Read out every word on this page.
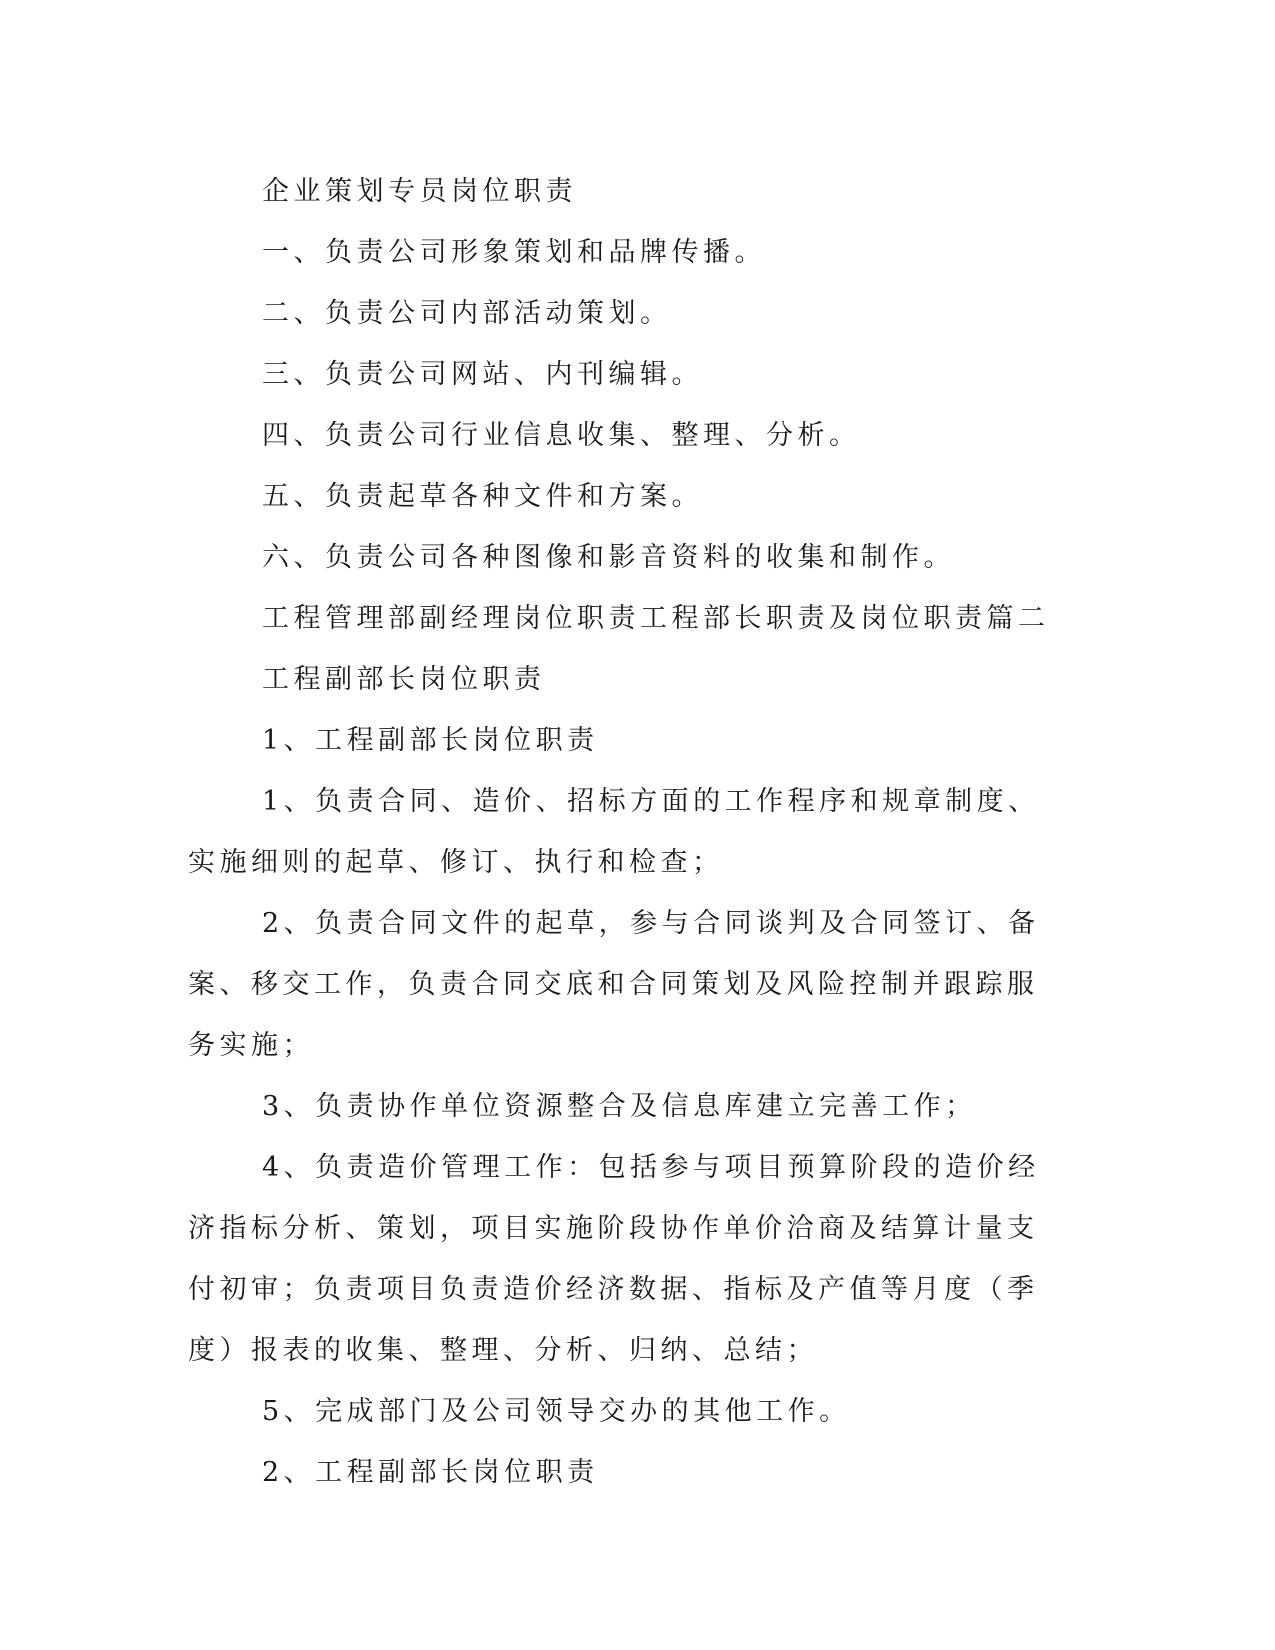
企业策划专员岗位职责

一、负责公司形象策划和品牌传播。

二、负责公司内部活动策划。

三、负责公司网站、内刊编辑。

四、负责公司行业信息收集、整理、分析。

五、负责起草各种文件和方案。

六、负责公司各种图像和影音资料的收集和制作。

工程管理部副经理岗位职责工程部长职责及岗位职责篇二

工程副部长岗位职责

1、工程副部长岗位职责

1、负责合同、造价、招标方面的工作程序和规章制度、实施细则的起草、修订、执行和检查；

2、负责合同文件的起草，参与合同谈判及合同签订、备案、移交工作，负责合同交底和合同策划及风险控制并跟踪服务实施；

3、负责协作单位资源整合及信息库建立完善工作；

4、负责造价管理工作：包括参与项目预算阶段的造价经济指标分析、策划，项目实施阶段协作单价洽商及结算计量支付初审；负责项目负责造价经济数据、指标及产值等月度（季度）报表的收集、整理、分析、归纳、总结；

5、完成部门及公司领导交办的其他工作。

2、工程副部长岗位职责
